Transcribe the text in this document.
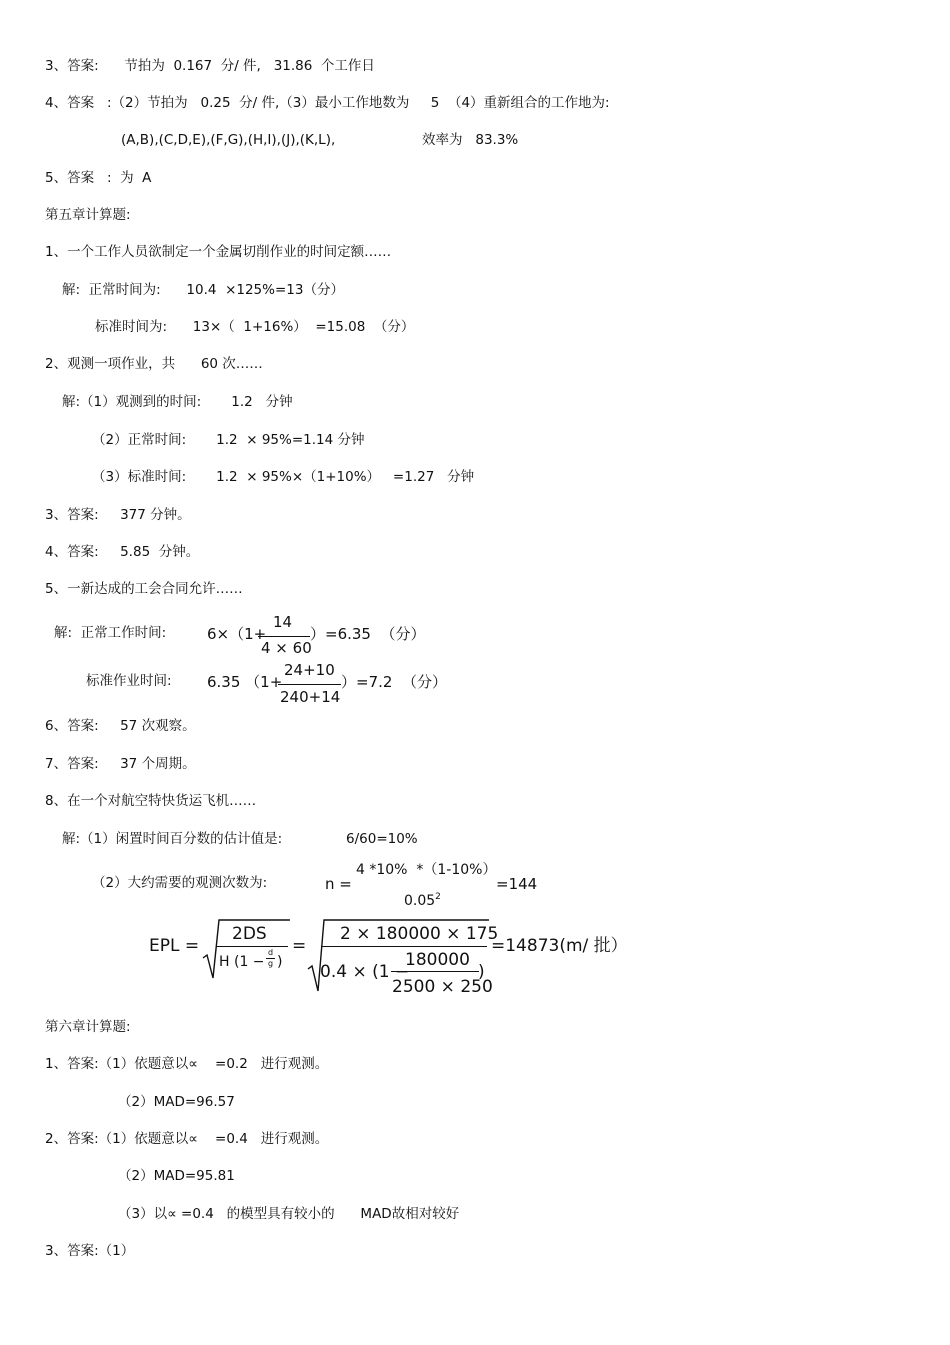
3、答案:      节拍为  0.167  分/ 件,   31.86  个工作日
4、答案   :（2）节拍为   0.25  分/ 件,（3）最小工作地数为     5  （4）重新组合的工作地为:
(A,B),(C,D,E),(F,G),(H,I),(J),(K,L),	效率为   83.3%
5、答案   :  为  A
第五章计算题:
1、一个工作人员欲制定一个金属切削作业的时间定额……
解:  正常时间为:      10.4  ×125%=13（分）
标准时间为:      13×（  1+16%）  =15.08  （分）
2、观测一项作业，共      60 次……
解:（1）观测到的时间:       1.2   分钟
（2）正常时间:       1.2  × 95%=1.14 分钟
（3）标准时间:       1.2  × 95%×（1+10%）   =1.27   分钟
3、答案:     377 分钟。
4、答案:     5.85  分钟。
5、一新达成的工会合同允许……
解:  正常工作时间:	6×（1+
14
4 × 60
）=6.35  （分）
标准作业时间: 6.35 （1+
24+10
240+14
）=7.2  （分）
6、答案:     57 次观察。
7、答案:     37 个周期。
8、在一个对航空特快货运飞机……
解:（1）闲置时间百分数的估计值是:	6/60=10%
（2）大约需要的观测次数为:	n =
4 *10%  *（1-10%）
$0.05^2$
=144
EPL =
2DS
H (1 −
d
g )
=
2 × 180000 × 175
0.4 × (1 −
180000
2500 × 250
)
=14873(m/ 批）
第六章计算题:
1、答案:（1）依题意以∝    =0.2   进行观测。
（2）MAD=96.57
2、答案:（1）依题意以∝    =0.4   进行观测。
（2）MAD=95.81
（3）以∝ =0.4   的模型具有较小的      MAD故相对较好
3、答案:（1）
